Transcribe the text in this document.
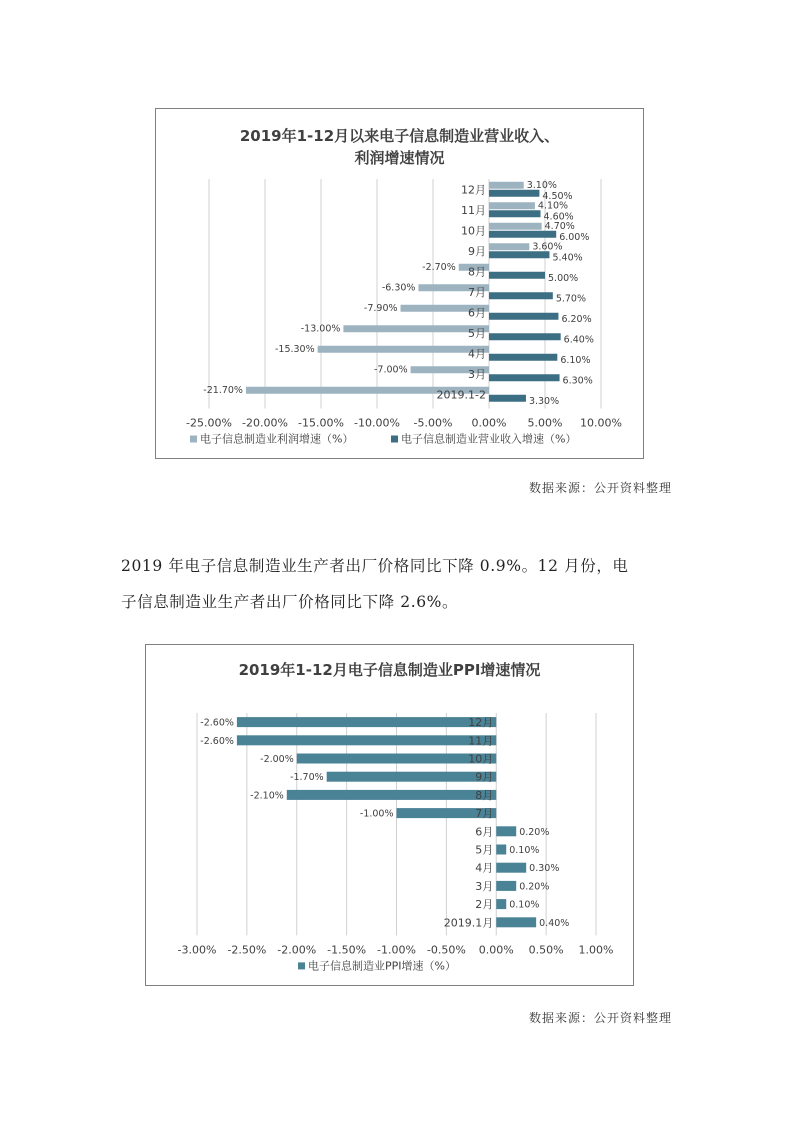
2019年1-12月以来电子信息制造业营业收入、
利润增速情况
-25.00% -20.00% -15.00% -10.00% -5.00% 0.00% 5.00% 10.00%
12月	3.10%
4.50%
11月	4.10%
4.60%
10月	4.70%
6.00%
9月	3.60%
5.40%
8月
-2.70%
5.00%
7月
-6.30%
5.70%
6月
-7.90%
6.20%
5月
-13.00%
6.40%
4月
-15.30%
6.10%
3月
-7.00%
6.30%
2019.1-2
-21.70%
3.30%
电子信息制造业利润增速（%）	电子信息制造业营业收入增速（%）
数据来源：公开资料整理
2019 年电子信息制造业生产者出厂价格同比下降 0.9%。12 月份，电
子信息制造业生产者出厂价格同比下降 2.6%。
2019年1-12月电子信息制造业PPI增速情况
-3.00% -2.50% -2.00% -1.50% -1.00% -0.50% 0.00% 0.50% 1.00%
12月
-2.60%
11月
-2.60%
10月
-2.00%
9月
-1.70%
8月
-2.10%
7月
-1.00%
6月	0.20%
5月 0.10%
4月	0.30%
3月	0.20%
2月 0.10%
2019.1月	0.40%
电子信息制造业PPI增速（%）
数据来源：公开资料整理
